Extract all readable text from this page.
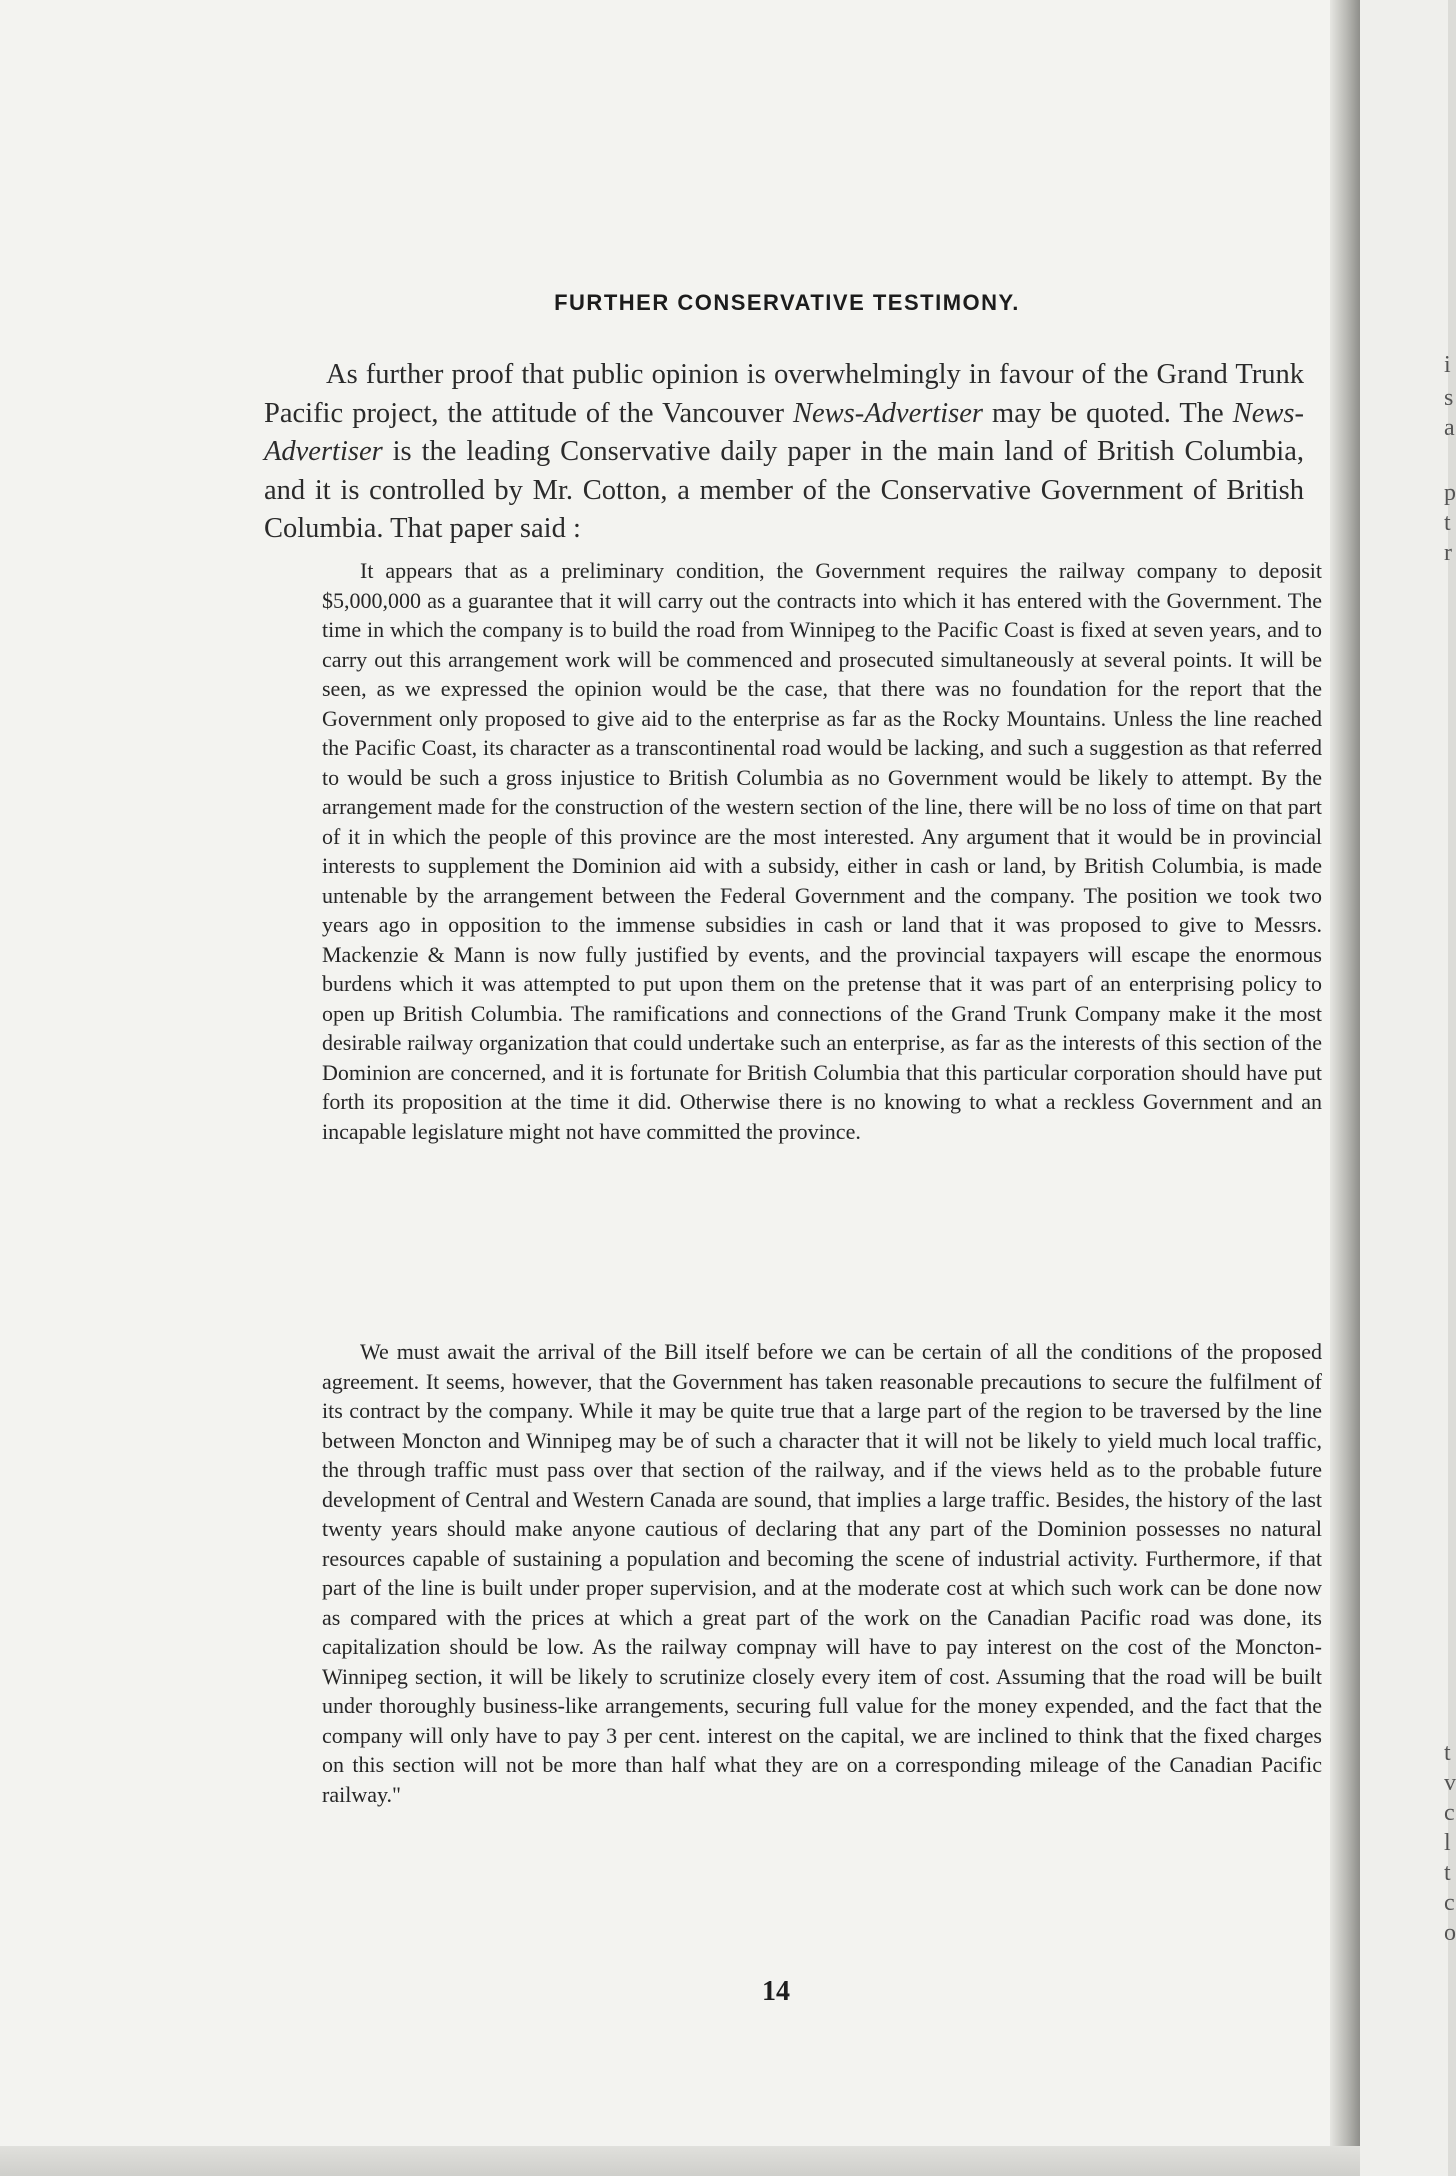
FURTHER CONSERVATIVE TESTIMONY.

As further proof that public opinion is overwhelmingly in favour of the Grand Trunk Pacific project, the attitude of the Vancouver News-Advertiser may be quoted. The News-Advertiser is the leading Conservative daily paper in the main land of British Columbia, and it is controlled by Mr. Cotton, a member of the Conservative Government of British Columbia. That paper said :

It appears that as a preliminary condition, the Government requires the railway company to deposit $5,000,000 as a guarantee that it will carry out the contracts into which it has entered with the Government. The time in which the company is to build the road from Winnipeg to the Pacific Coast is fixed at seven years, and to carry out this arrangement work will be commenced and prosecuted simultaneously at several points. It will be seen, as we expressed the opinion would be the case, that there was no foundation for the report that the Government only proposed to give aid to the enterprise as far as the Rocky Mountains. Unless the line reached the Pacific Coast, its character as a transcontinental road would be lacking, and such a suggestion as that referred to would be such a gross injustice to British Columbia as no Government would be likely to attempt. By the arrangement made for the construction of the western section of the line, there will be no loss of time on that part of it in which the people of this province are the most interested. Any argument that it would be in provincial interests to supplement the Dominion aid with a subsidy, either in cash or land, by British Columbia, is made untenable by the arrangement between the Federal Government and the company. The position we took two years ago in opposition to the immense subsidies in cash or land that it was proposed to give to Messrs. Mackenzie & Mann is now fully justified by events, and the provincial taxpayers will escape the enormous burdens which it was attempted to put upon them on the pretense that it was part of an enterprising policy to open up British Columbia. The ramifications and connections of the Grand Trunk Company make it the most desirable railway organization that could undertake such an enterprise, as far as the interests of this section of the Dominion are concerned, and it is fortunate for British Columbia that this particular corporation should have put forth its proposition at the time it did. Otherwise there is no knowing to what a reckless Government and an incapable legislature might not have committed the province.

We must await the arrival of the Bill itself before we can be certain of all the conditions of the proposed agreement. It seems, however, that the Government has taken reasonable precautions to secure the fulfilment of its contract by the company. While it may be quite true that a large part of the region to be traversed by the line between Moncton and Winnipeg may be of such a character that it will not be likely to yield much local traffic, the through traffic must pass over that section of the railway, and if the views held as to the probable future development of Central and Western Canada are sound, that implies a large traffic. Besides, the history of the last twenty years should make anyone cautious of declaring that any part of the Dominion possesses no natural resources capable of sustaining a population and becoming the scene of industrial activity. Furthermore, if that part of the line is built under proper supervision, and at the moderate cost at which such work can be done now as compared with the prices at which a great part of the work on the Canadian Pacific road was done, its capitalization should be low. As the railway compnay will have to pay interest on the cost of the Moncton-Winnipeg section, it will be likely to scrutinize closely every item of cost. Assuming that the road will be built under thoroughly business-like arrangements, securing full value for the money expended, and the fact that the company will only have to pay 3 per cent. interest on the capital, we are inclined to think that the fixed charges on this section will not be more than half what they are on a corresponding mileage of the Canadian Pacific railway."

14
i
s
a
p
t
r
t
v
c
l
t
c
o
